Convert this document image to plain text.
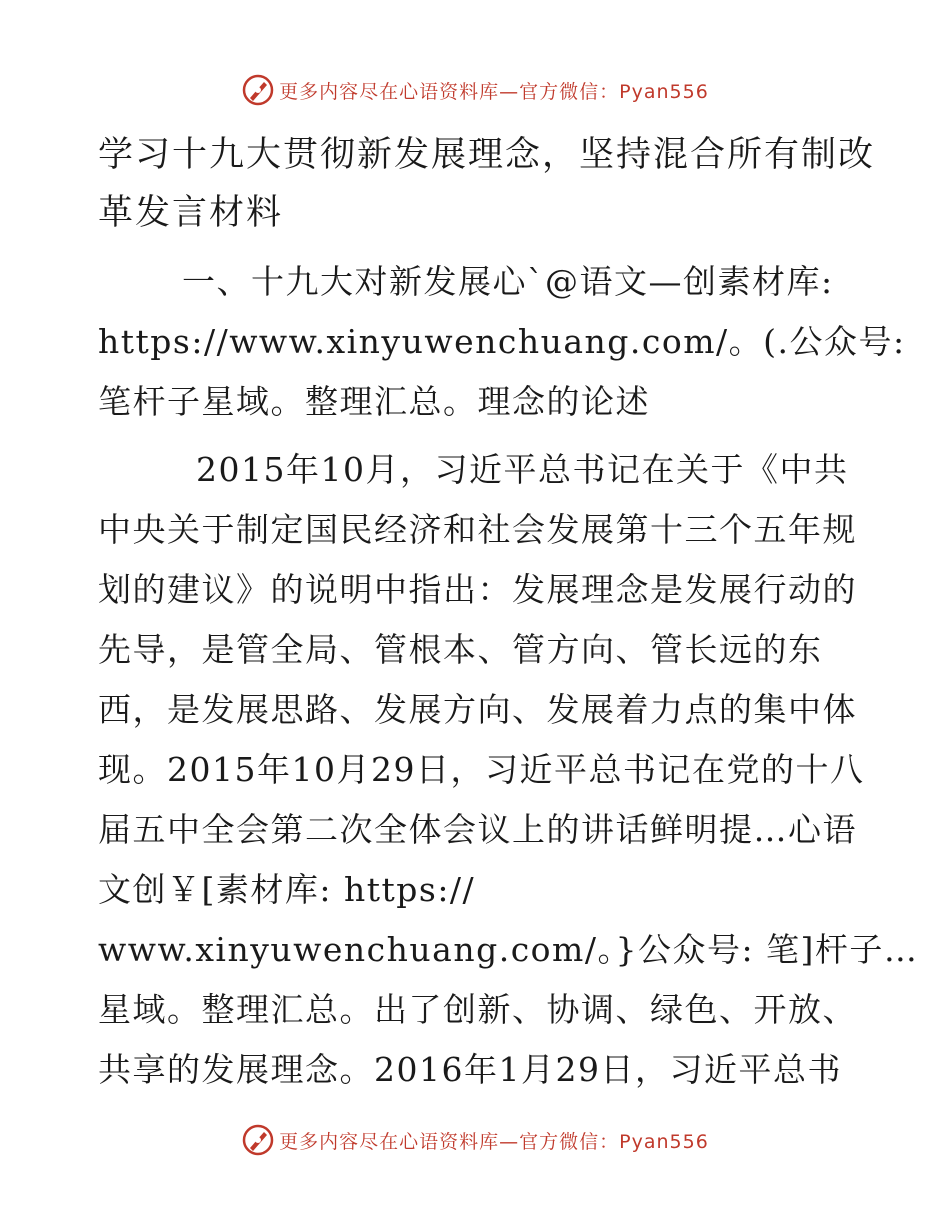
更多内容尽在心语资料库—官方微信：Pyan556
学习十九大贯彻新发展理念，坚持混合所有制改
革发言材料

一、十九大对新发展心`@语文—创素材库:
https://www.xinyuwenchuang.com/。(.公众号:
笔杆子星域。整理汇总。理念的论述

2015年10月，习近平总书记在关于《中共
中央关于制定国民经济和社会发展第十三个五年规
划的建议》的说明中指出：发展理念是发展行动的
先导，是管全局、管根本、管方向、管长远的东
西，是发展思路、发展方向、发展着力点的集中体
现。2015年10月29日，习近平总书记在党的十八
届五中全会第二次全体会议上的讲话鲜明提…心语
文创￥[素材库: https://
www.xinyuwenchuang.com/。}公众号: 笔]杆子…
星域。整理汇总。出了创新、协调、绿色、开放、
共享的发展理念。2016年1月29日，习近平总书

更多内容尽在心语资料库—官方微信：Pyan556
